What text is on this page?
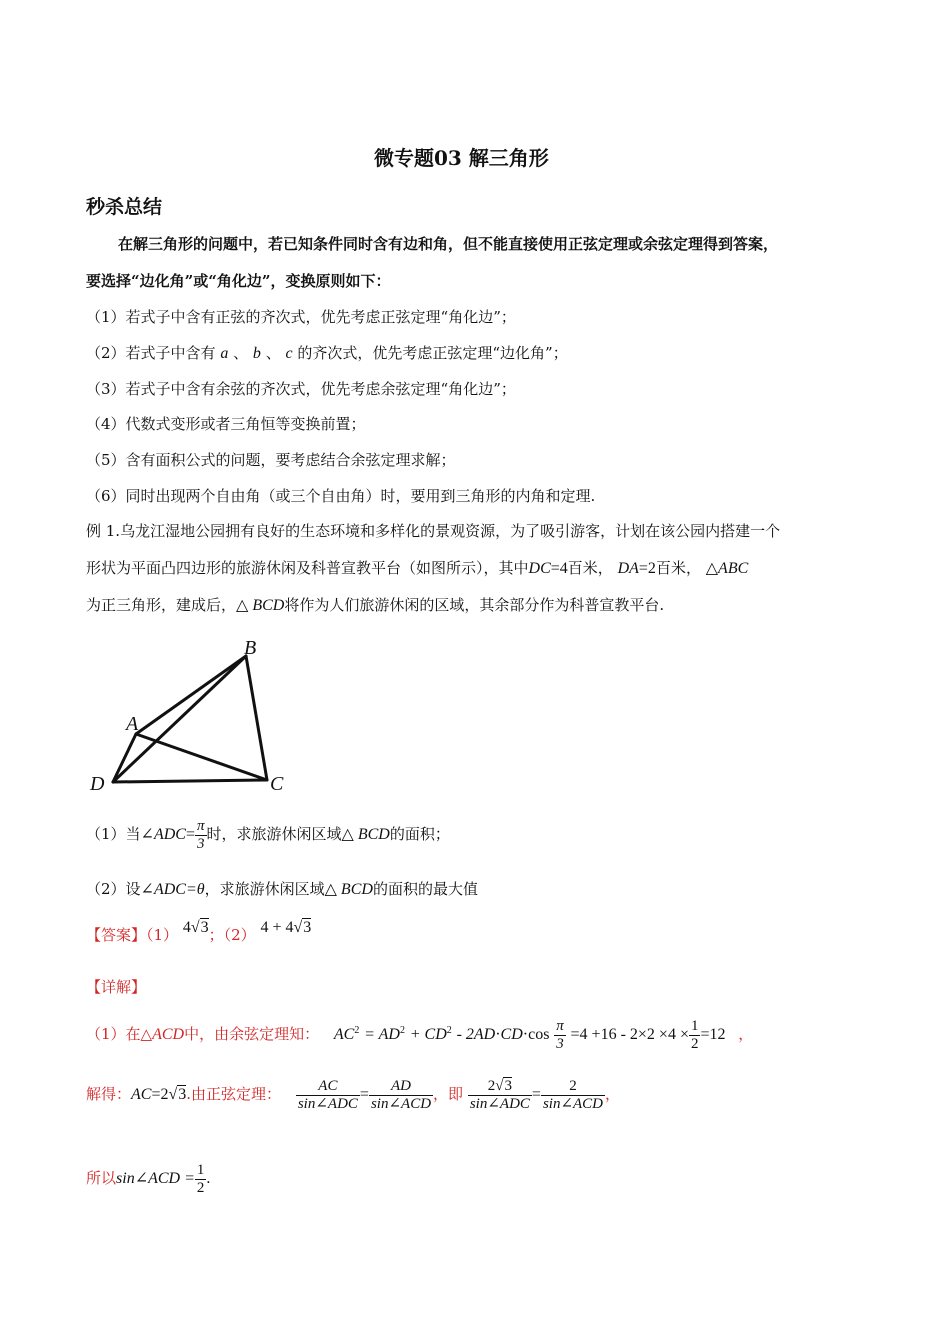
微专题03 解三角形
秒杀总结
在解三角形的问题中，若已知条件同时含有边和角，但不能直接使用正弦定理或余弦定理得到答案，
要选择“边化角”或“角化边”，变换原则如下：
（1）若式子中含有正弦的齐次式，优先考虑正弦定理“角化边”；
（2）若式子中含有 a 、 b 、 c 的齐次式，优先考虑正弦定理“边化角”；
（3）若式子中含有余弦的齐次式，优先考虑余弦定理“角化边”；
（4）代数式变形或者三角恒等变换前置；
（5）含有面积公式的问题，要考虑结合余弦定理求解；
（6）同时出现两个自由角（或三个自由角）时，要用到三角形的内角和定理.
例 1.乌龙江湿地公园拥有良好的生态环境和多样化的景观资源，为了吸引游客，计划在该公园内搭建一个
形状为平面凸四边形的旅游休闲及科普宣教平台（如图所示），其中DC=4百米， DA=2百米， △ABC
为正三角形，建成后，△ BCD将作为人们旅游休闲的区域，其余部分作为科普宣教平台.
A
B
C
D
（1）当∠ADC= $\frac{\pi}{3}$ 时，求旅游休闲区域△ BCD的面积；
（2）设∠ADC=θ，求旅游休闲区域△ BCD的面积的最大值
【答案】（1） 4√3；（2） 4 + 4√3
【详解】
（1）在△ACD中，由余弦定理知： $AC^2 = AD^2 + CD^2 - 2AD\cdot CD\cdot\cos \frac{\pi}{3} =4 +16 - 2\times 2 \times 4 \times \frac{1}{2} =12$ ，
解得：AC=2√3.由正弦定理： $\frac{AC}{\text{sin∠ADC}} = \frac{AD}{\text{sin∠ACD}}$ ，即 $\frac{2√3}{\text{sin∠ADC}} = \frac{2}{\text{sin∠ACD}}$ ，
所以sin∠ACD = $\frac{1}{2}$ .
